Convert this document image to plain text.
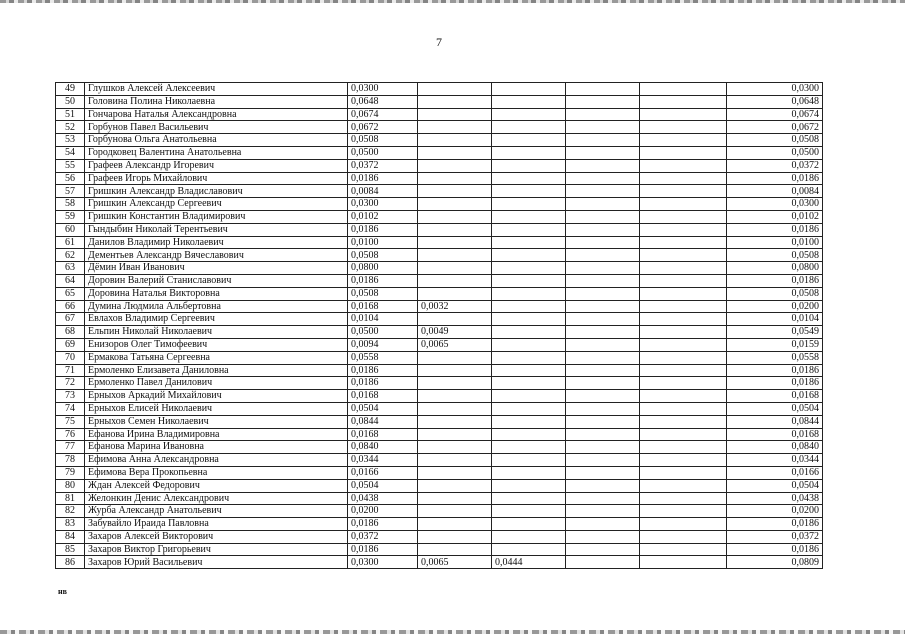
7
49	Глушков Алексей Алексеевич	0,0300					0,0300
50	Головина Полина Николаевна	0,0648					0,0648
51	Гончарова Наталья Александровна	0,0674					0,0674
52	Горбунов Павел Васильевич	0,0672					0,0672
53	Горбунова Ольга Анатольевна	0,0508					0,0508
54	Городковец Валентина Анатольевна	0,0500					0,0500
55	Графеев Александр Игоревич	0,0372					0,0372
56	Графеев Игорь Михайлович	0,0186					0,0186
57	Гришкин Александр Владиславович	0,0084					0,0084
58	Гришкин Александр Сергеевич	0,0300					0,0300
59	Гришкин Константин Владимирович	0,0102					0,0102
60	Гындыбин Николай Терентьевич	0,0186					0,0186
61	Данилов Владимир Николаевич	0,0100					0,0100
62	Дементьев Александр Вячеславович	0,0508					0,0508
63	Дёмин Иван Иванович	0,0800					0,0800
64	Доровин Валерий Станиславович	0,0186					0,0186
65	Доровина Наталья Викторовна	0,0508					0,0508
66	Думина Людмила Альбертовна	0,0168	0,0032				0,0200
67	Евлахов Владимир Сергеевич	0,0104					0,0104
68	Ельпин Николай Николаевич	0,0500	0,0049				0,0549
69	Енизоров Олег Тимофеевич	0,0094	0,0065				0,0159
70	Ермакова Татьяна Сергеевна	0,0558					0,0558
71	Ермоленко Елизавета Даниловна	0,0186					0,0186
72	Ермоленко Павел Данилович	0,0186					0,0186
73	Ерныхов Аркадий Михайлович	0,0168					0,0168
74	Ерныхов Елисей Николаевич	0,0504					0,0504
75	Ерныхов Семен Николаевич	0,0844					0,0844
76	Ефанова Ирина Владимировна	0,0168					0,0168
77	Ефанова Марина Ивановна	0,0840					0,0840
78	Ефимова Анна Александровна	0,0344					0,0344
79	Ефимова Вера Прокопьевна	0,0166					0,0166
80	Ждан Алексей Федорович	0,0504					0,0504
81	Желонкин Денис Александрович	0,0438					0,0438
82	Журба Александр Анатольевич	0,0200					0,0200
83	Забувайло Ираида Павловна	0,0186					0,0186
84	Захаров Алексей Викторович	0,0372					0,0372
85	Захаров Виктор Григорьевич	0,0186					0,0186
86	Захаров Юрий Васильевич	0,0300	0,0065	0,0444			0,0809
нв
